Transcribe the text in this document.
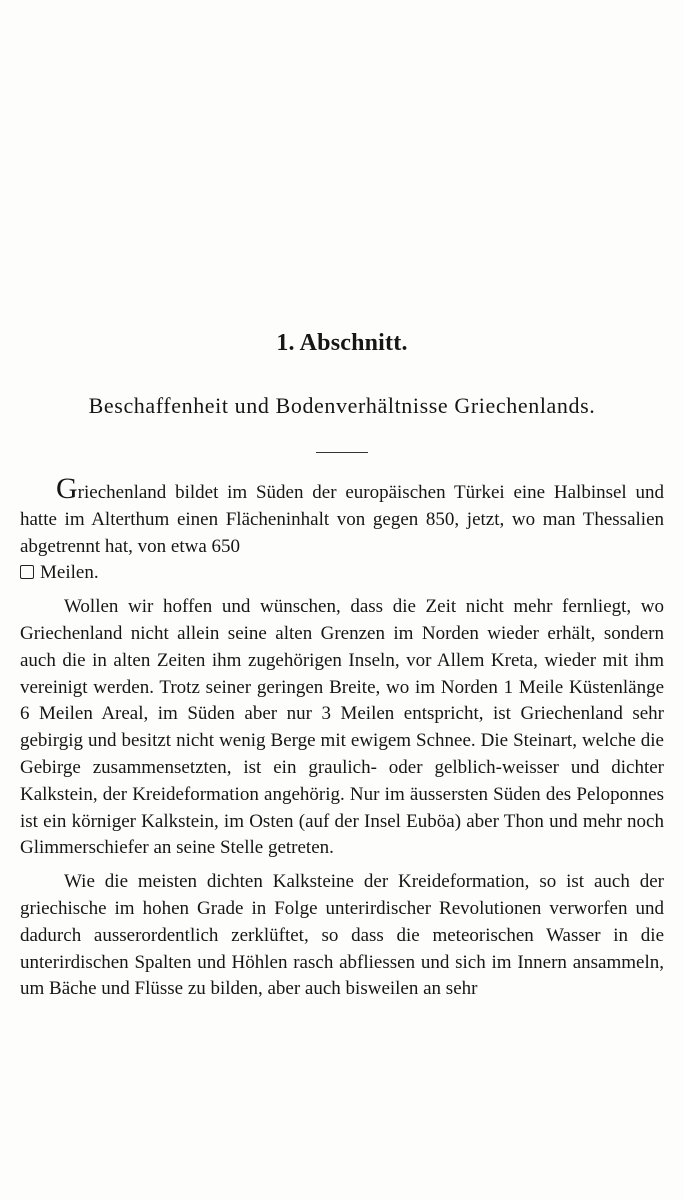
1. Abschnitt.
Beschaffenheit und Bodenverhältnisse Griechenlands.

Griechenland bildet im Süden der europäischen Türkei eine Halbinsel und hatte im Alterthum einen Flächeninhalt von gegen 850, jetzt, wo man Thessalien abgetrennt hat, von etwa 650
Meilen.

Wollen wir hoffen und wünschen, dass die Zeit nicht mehr fernliegt, wo Griechenland nicht allein seine alten Grenzen im Norden wieder erhält, sondern auch die in alten Zeiten ihm zugehörigen Inseln, vor Allem Kreta, wieder mit ihm vereinigt werden. Trotz seiner geringen Breite, wo im Norden 1 Meile Küstenlänge 6 Meilen Areal, im Süden aber nur 3 Meilen entspricht, ist Griechenland sehr gebirgig und besitzt nicht wenig Berge mit ewigem Schnee. Die Steinart, welche die Gebirge zusammensetzten, ist ein graulich- oder gelblich-weisser und dichter Kalkstein, der Kreideformation angehörig. Nur im äussersten Süden des Peloponnes ist ein körniger Kalkstein, im Osten (auf der Insel Euböa) aber Thon und mehr noch Glimmerschiefer an seine Stelle getreten.

Wie die meisten dichten Kalksteine der Kreideformation, so ist auch der griechische im hohen Grade in Folge unterirdischer Revolutionen verworfen und dadurch ausserordentlich zerklüftet, so dass die meteorischen Wasser in die unterirdischen Spalten und Höhlen rasch abfliessen und sich im Innern ansammeln, um Bäche und Flüsse zu bilden, aber auch bisweilen an sehr
